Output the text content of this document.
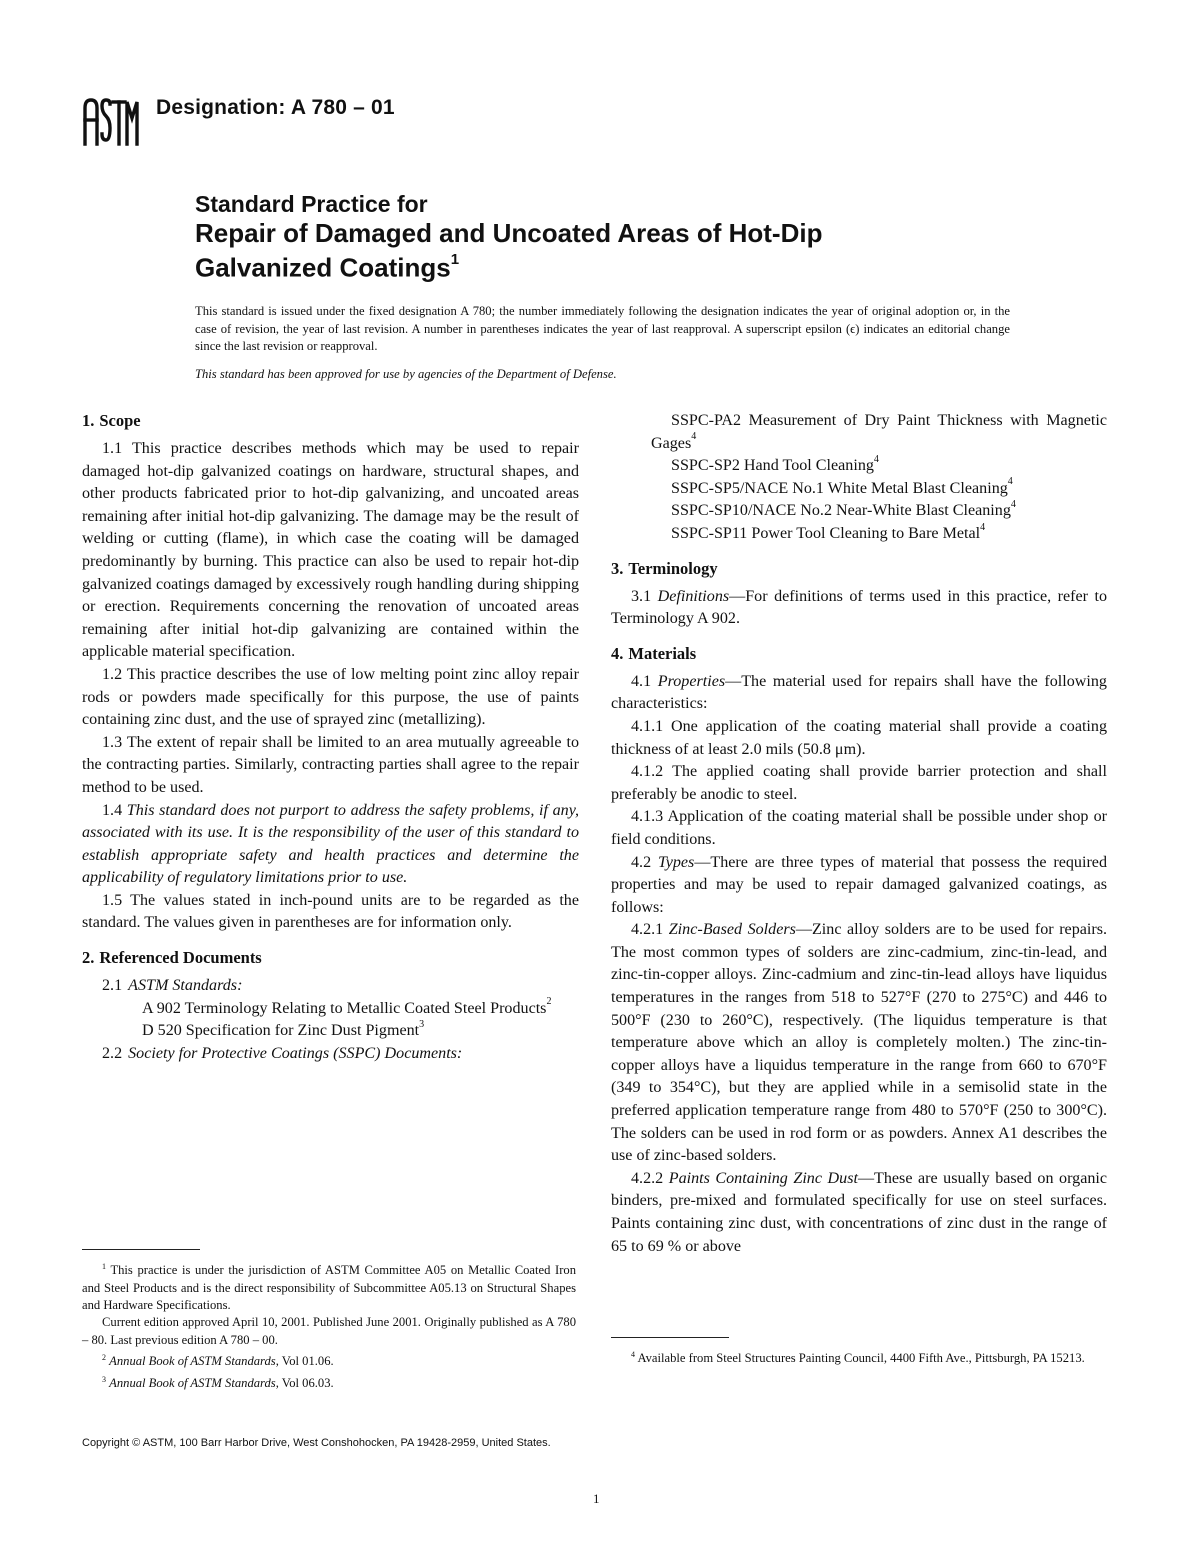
Designation: A 780 – 01
Standard Practice for
Repair of Damaged and Uncoated Areas of Hot-Dip
Galvanized Coatings$^1$
This standard is issued under the fixed designation A 780; the number immediately following the designation indicates the year of original adoption or, in the case of revision, the year of last revision. A number in parentheses indicates the year of last reapproval. A superscript epsilon (ϵ) indicates an editorial change since the last revision or reapproval.
This standard has been approved for use by agencies of the Department of Defense.
1. Scope

1.1 This practice describes methods which may be used to repair damaged hot-dip galvanized coatings on hardware, structural shapes, and other products fabricated prior to hot-dip galvanizing, and uncoated areas remaining after initial hot-dip galvanizing. The damage may be the result of welding or cutting (flame), in which case the coating will be damaged predominantly by burning. This practice can also be used to repair hot-dip galvanized coatings damaged by excessively rough handling during shipping or erection. Requirements concerning the renovation of uncoated areas remaining after initial hot-dip galvanizing are contained within the applicable material specification.

1.2 This practice describes the use of low melting point zinc alloy repair rods or powders made specifically for this purpose, the use of paints containing zinc dust, and the use of sprayed zinc (metallizing).

1.3 The extent of repair shall be limited to an area mutually agreeable to the contracting parties. Similarly, contracting parties shall agree to the repair method to be used.

1.4 This standard does not purport to address the safety problems, if any, associated with its use. It is the responsibility of the user of this standard to establish appropriate safety and health practices and determine the applicability of regulatory limitations prior to use.

1.5 The values stated in inch-pound units are to be regarded as the standard. The values given in parentheses are for information only.

2. Referenced Documents

2.1 ASTM Standards:

A 902 Terminology Relating to Metallic Coated Steel Products$^2$

D 520 Specification for Zinc Dust Pigment$^3$

2.2 Society for Protective Coatings (SSPC) Documents:

$^1$ This practice is under the jurisdiction of ASTM Committee A05 on Metallic Coated Iron and Steel Products and is the direct responsibility of Subcommittee A05.13 on Structural Shapes and Hardware Specifications.

Current edition approved April 10, 2001. Published June 2001. Originally published as A 780 – 80. Last previous edition A 780 – 00.

$^2$ Annual Book of ASTM Standards, Vol 01.06.

$^3$ Annual Book of ASTM Standards, Vol 06.03.

SSPC-PA2 Measurement of Dry Paint Thickness with Magnetic Gages$^4$

SSPC-SP2 Hand Tool Cleaning$^4$

SSPC-SP5/NACE No.1 White Metal Blast Cleaning$^4$

SSPC-SP10/NACE No.2 Near-White Blast Cleaning$^4$

SSPC-SP11 Power Tool Cleaning to Bare Metal$^4$

3. Terminology

3.1 Definitions—For definitions of terms used in this practice, refer to Terminology A 902.

4. Materials

4.1 Properties—The material used for repairs shall have the following characteristics:

4.1.1 One application of the coating material shall provide a coating thickness of at least 2.0 mils (50.8 μm).

4.1.2 The applied coating shall provide barrier protection and shall preferably be anodic to steel.

4.1.3 Application of the coating material shall be possible under shop or field conditions.

4.2 Types—There are three types of material that possess the required properties and may be used to repair damaged galvanized coatings, as follows:

4.2.1 Zinc-Based Solders—Zinc alloy solders are to be used for repairs. The most common types of solders are zinc-cadmium, zinc-tin-lead, and zinc-tin-copper alloys. Zinc-cadmium and zinc-tin-lead alloys have liquidus temperatures in the ranges from 518 to 527°F (270 to 275°C) and 446 to 500°F (230 to 260°C), respectively. (The liquidus temperature is that temperature above which an alloy is completely molten.) The zinc-tin-copper alloys have a liquidus temperature in the range from 660 to 670°F (349 to 354°C), but they are applied while in a semisolid state in the preferred application temperature range from 480 to 570°F (250 to 300°C). The solders can be used in rod form or as powders. Annex A1 describes the use of zinc-based solders.

4.2.2 Paints Containing Zinc Dust—These are usually based on organic binders, pre-mixed and formulated specifically for use on steel surfaces. Paints containing zinc dust, with concentrations of zinc dust in the range of 65 to 69 % or above

$^4$ Available from Steel Structures Painting Council, 4400 Fifth Ave., Pittsburgh, PA 15213.

Copyright © ASTM, 100 Barr Harbor Drive, West Conshohocken, PA 19428-2959, United States.
1
